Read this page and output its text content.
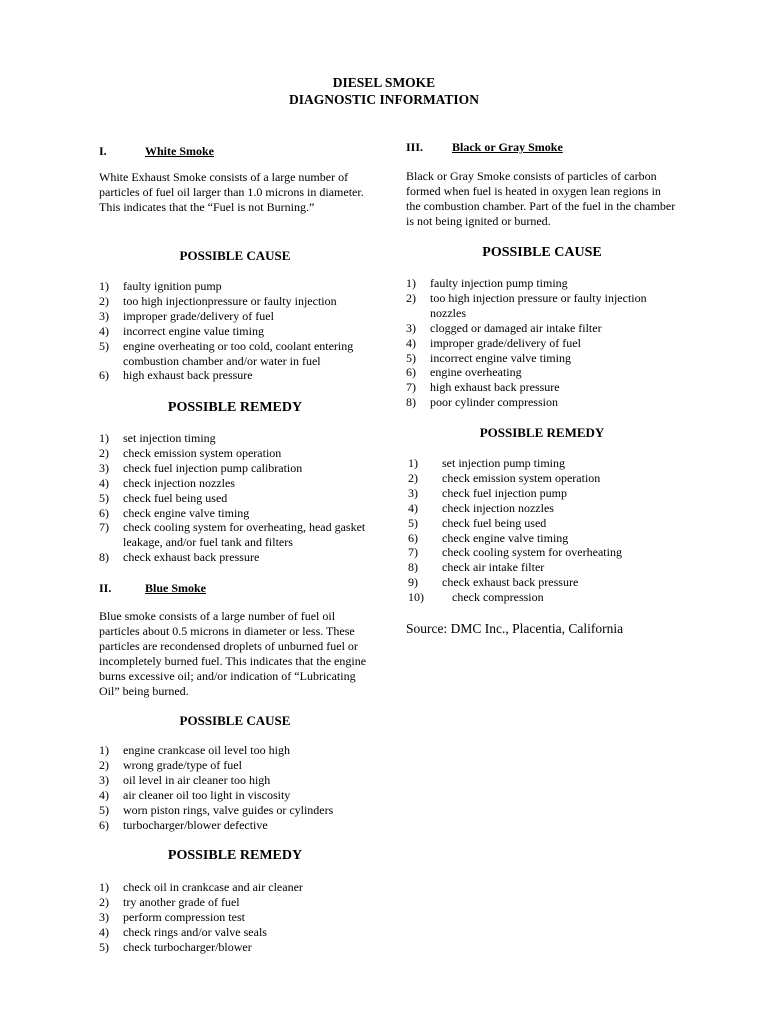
DIESEL SMOKE
DIAGNOSTIC INFORMATION
I.	White Smoke
White Exhaust Smoke consists of a large number of particles of fuel oil larger than 1.0 microns in diameter. This indicates that the “Fuel is not Burning.”
POSSIBLE CAUSE
1) faulty ignition pump
2) too high injectionpressure or faulty injection
3) improper grade/delivery of fuel
4) incorrect engine value timing
5) engine overheating or too cold, coolant entering combustion chamber and/or water in fuel
6) high exhaust back pressure
POSSIBLE REMEDY
1) set injection timing
2) check emission system operation
3) check fuel injection pump calibration
4) check injection nozzles
5) check fuel being used
6) check engine valve timing
7) check cooling system for overheating, head gasket leakage, and/or fuel tank and filters
8) check exhaust back pressure
II.	Blue Smoke
Blue smoke consists of a large number of fuel oil particles about 0.5 microns in diameter or less. These particles are recondensed droplets of unburned fuel or incompletely burned fuel. This indicates that the engine burns excessive oil; and/or indication of “Lubricating Oil” being burned.
POSSIBLE CAUSE
1) engine crankcase oil level too high
2) wrong grade/type of fuel
3) oil level in air cleaner too high
4) air cleaner oil too light in viscosity
5) worn piston rings, valve guides or cylinders
6) turbocharger/blower defective
POSSIBLE REMEDY
1) check oil in crankcase and air cleaner
2) try another grade of fuel
3) perform compression test
4) check rings and/or valve seals
5) check turbocharger/blower
III. Black or Gray Smoke
Black or Gray Smoke consists of particles of carbon formed when fuel is heated in oxygen lean regions in the combustion chamber. Part of the fuel in the chamber is not being ignited or burned.
POSSIBLE CAUSE
1) faulty injection pump timing
2) too high injection pressure or faulty injection nozzles
3) clogged or damaged air intake filter
4) improper grade/delivery of fuel
5) incorrect engine valve timing
6) engine overheating
7) high exhaust back pressure
8) poor cylinder compression
POSSIBLE REMEDY
1) set injection pump timing
2) check emission system operation
3) check fuel injection pump
4) check injection nozzles
5) check fuel being used
6) check engine valve timing
7) check cooling system for overheating
8) check air intake filter
9) check exhaust back pressure
10) check compression
Source: DMC Inc., Placentia, California
